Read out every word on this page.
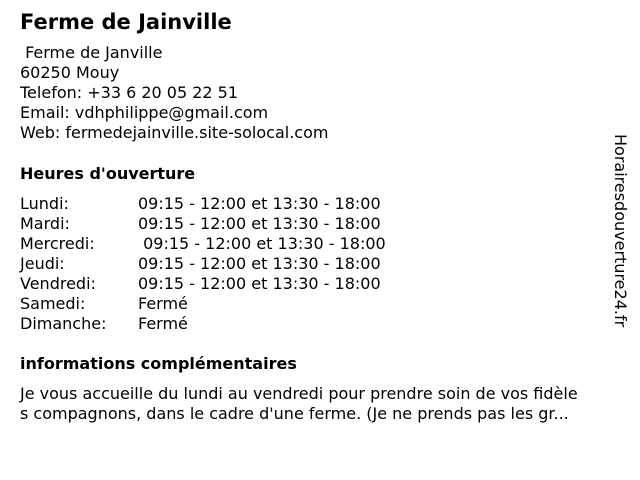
Ferme de Jainville
Ferme de Janville
60250 Mouy
Telefon: +33 6 20 05 22 51
Email: vdhphilippe@gmail.com
Web: fermedejainville.site-solocal.com
Heures d'ouverture
Lundi:	09:15 - 12:00 et 13:30 - 18:00
Mardi:	09:15 - 12:00 et 13:30 - 18:00
Mercredi:	09:15 - 12:00 et 13:30 - 18:00
Jeudi:	09:15 - 12:00 et 13:30 - 18:00
Vendredi:	09:15 - 12:00 et 13:30 - 18:00
Samedi:	Fermé
Dimanche:	Fermé
informations complémentaires
Je vous accueille du lundi au vendredi pour prendre soin de vos fidèle
s compagnons, dans le cadre d'une ferme. (Je ne prends pas les gr...
Horairesdouverture24.fr
